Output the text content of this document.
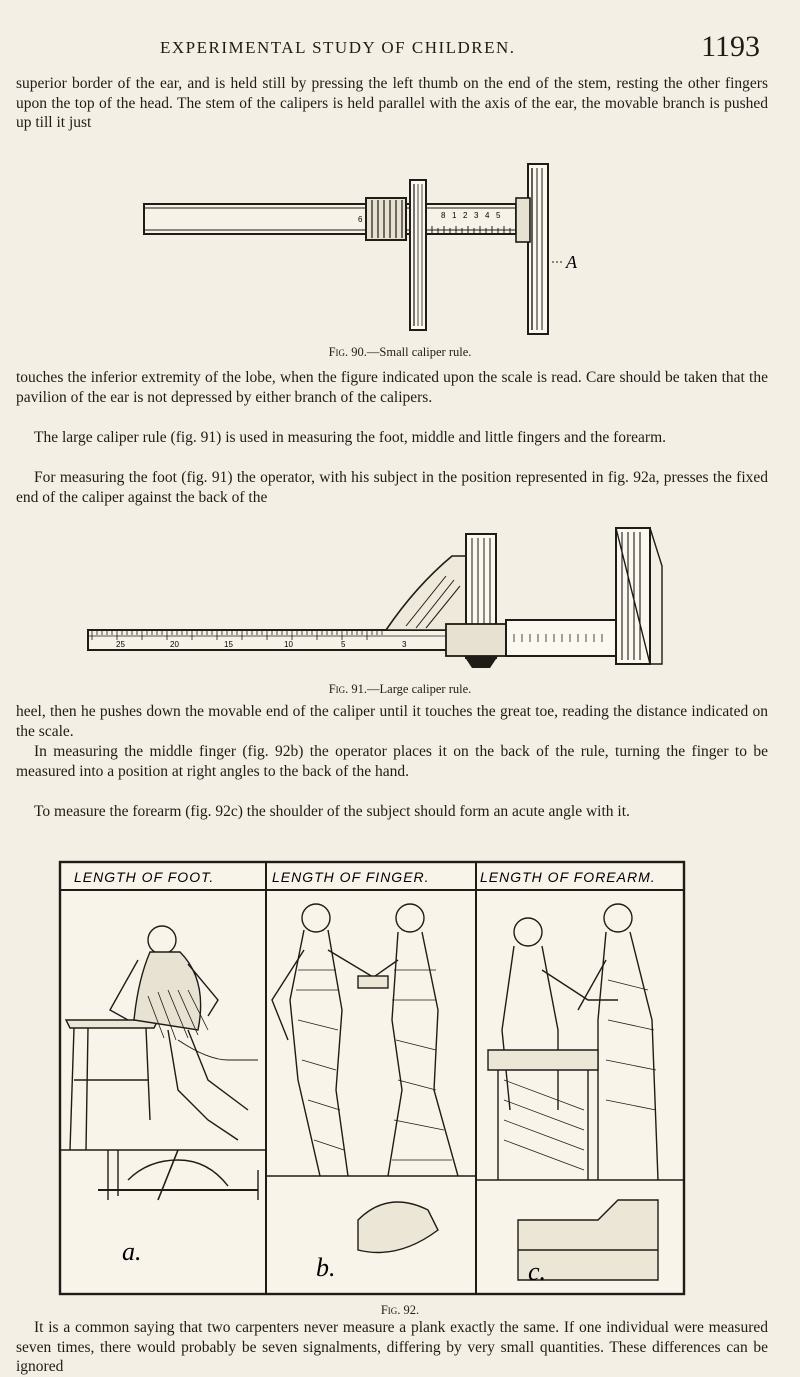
EXPERIMENTAL STUDY OF CHILDREN.	1193

superior border of the ear, and is held still by pressing the left thumb on the end of the stem, resting the other fingers upon the top of the head. The stem of the calipers is held parallel with the axis of the ear, the movable branch is pushed up till it just

6	8 1 2 3 4 5
A
Fig. 90.—Small caliper rule.

touches the inferior extremity of the lobe, when the figure indicated upon the scale is read. Care should be taken that the pavilion of the ear is not depressed by either branch of the calipers.

The large caliper rule (fig. 91) is used in measuring the foot, middle and little fingers and the forearm.

For measuring the foot (fig. 91) the operator, with his subject in the position represented in fig. 92a, presses the fixed end of the caliper against the back of the

25	20	15	10	5	3
Fig. 91.—Large caliper rule.

heel, then he pushes down the movable end of the caliper until it touches the great toe, reading the distance indicated on the scale.

In measuring the middle finger (fig. 92b) the operator places it on the back of the rule, turning the finger to be measured into a position at right angles to the back of the hand.

To measure the forearm (fig. 92c) the shoulder of the subject should form an acute angle with it.

LENGTH OF FOOT.	LENGTH OF FINGER.	LENGTH OF FOREARM.
a.
b.	c.
Fig. 92.

It is a common saying that two carpenters never measure a plank exactly the same. If one individual were measured seven times, there would probably be seven signalments, differing by very small quantities. These differences can be ignored
